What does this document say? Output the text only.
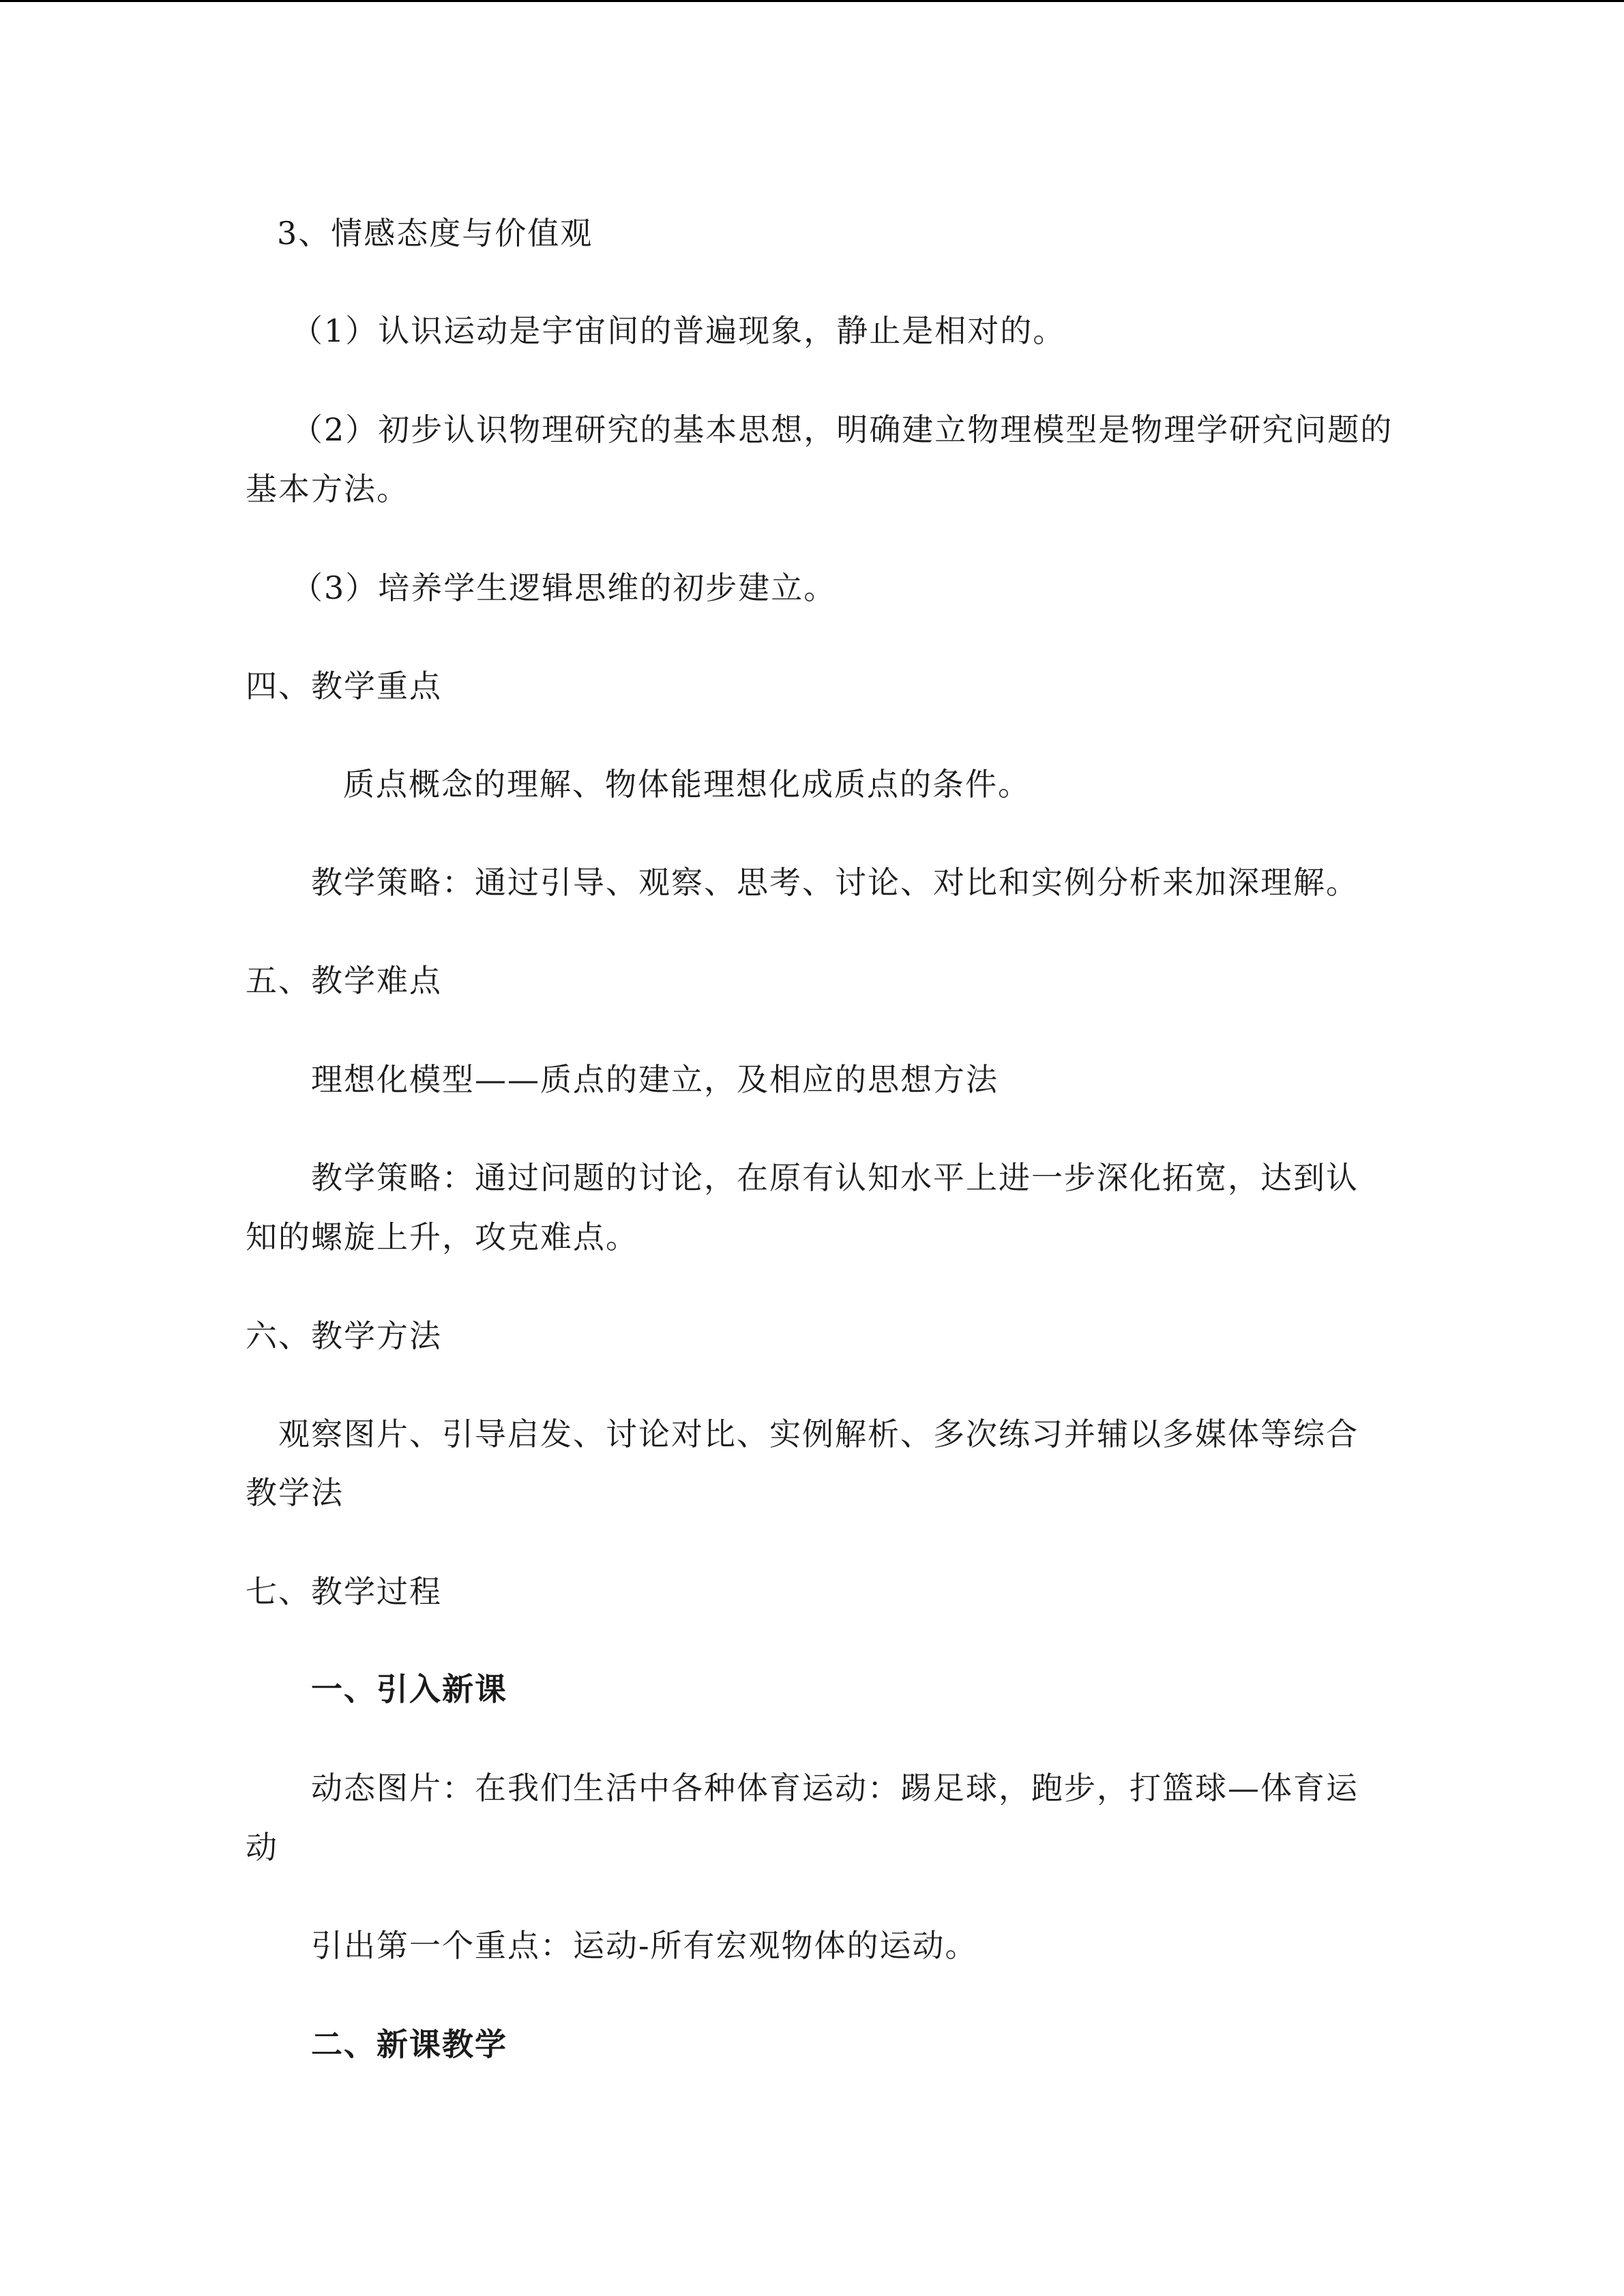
3、情感态度与价值观
（1）认识运动是宇宙间的普遍现象，静止是相对的。
（2）初步认识物理研究的基本思想，明确建立物理模型是物理学研究问题的
基本方法。
（3）培养学生逻辑思维的初步建立。
四、教学重点
质点概念的理解、物体能理想化成质点的条件。
教学策略：通过引导、观察、思考、讨论、对比和实例分析来加深理解。
五、教学难点
理想化模型——质点的建立，及相应的思想方法
教学策略：通过问题的讨论，在原有认知水平上进一步深化拓宽，达到认
知的螺旋上升，攻克难点。
六、教学方法
观察图片、引导启发、讨论对比、实例解析、多次练习并辅以多媒体等综合
教学法
七、教学过程
一、引入新课
动态图片：在我们生活中各种体育运动：踢足球，跑步，打篮球—体育运
动
引出第一个重点：运动-所有宏观物体的运动。
二、新课教学
